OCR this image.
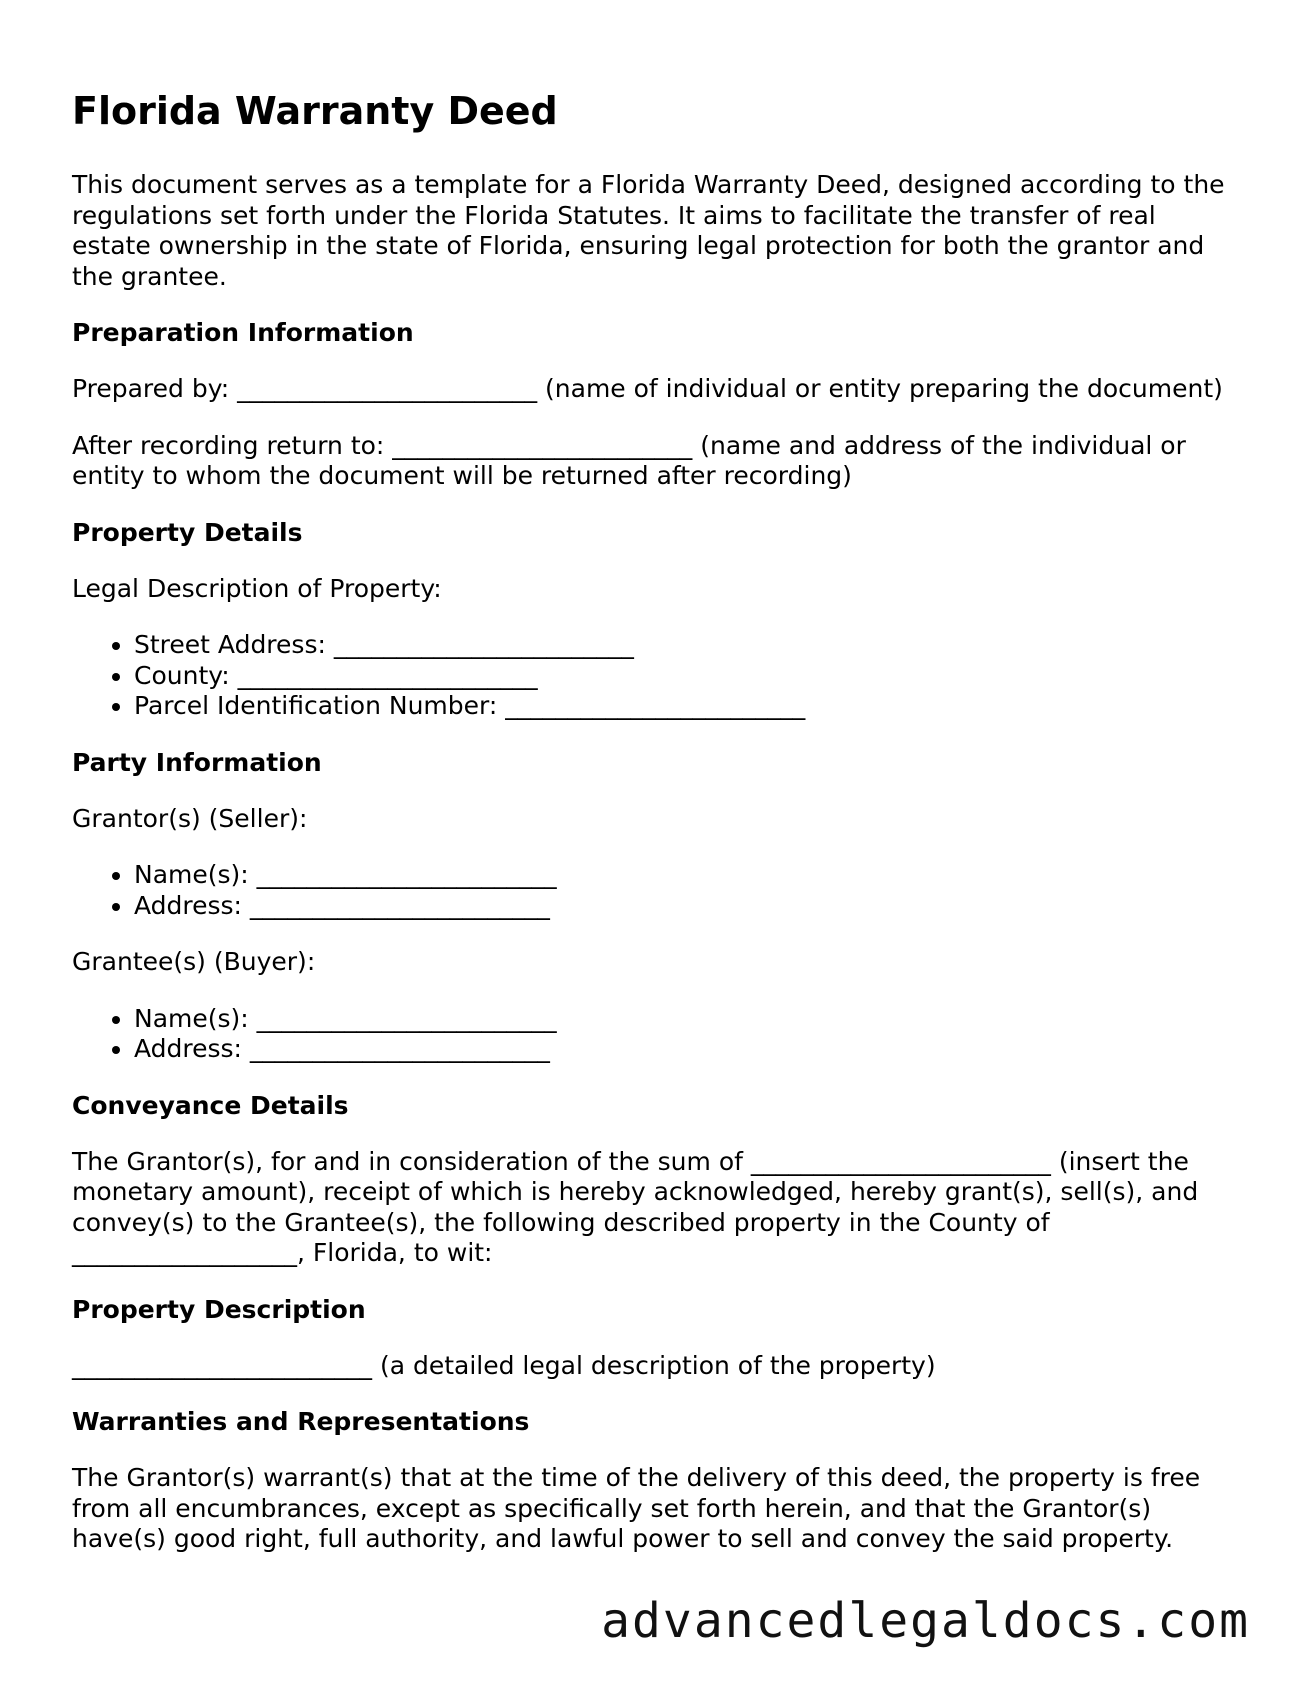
Florida Warranty Deed

This document serves as a template for a Florida Warranty Deed, designed according to the regulations set forth under the Florida Statutes. It aims to facilitate the transfer of real estate ownership in the state of Florida, ensuring legal protection for both the grantor and the grantee.

Preparation Information

Prepared by: ________________________ (name of individual or entity preparing the document)

After recording return to: ________________________ (name and address of the individual or entity to whom the document will be returned after recording)

Property Details

Legal Description of Property:

• Street Address: ________________________
• County: ________________________
• Parcel Identification Number: ________________________
Party Information

Grantor(s) (Seller):

• Name(s): ________________________
• Address: ________________________

Grantee(s) (Buyer):

• Name(s): ________________________
• Address: ________________________
Conveyance Details

The Grantor(s), for and in consideration of the sum of ________________________ (insert the monetary amount), receipt of which is hereby acknowledged, hereby grant(s), sell(s), and convey(s) to the Grantee(s), the following described property in the County of __________________, Florida, to wit:

Property Description

________________________ (a detailed legal description of the property)

Warranties and Representations

The Grantor(s) warrant(s) that at the time of the delivery of this deed, the property is free from all encumbrances, except as specifically set forth herein, and that the Grantor(s) have(s) good right, full authority, and lawful power to sell and convey the said property.

advancedlegaldocs.com
